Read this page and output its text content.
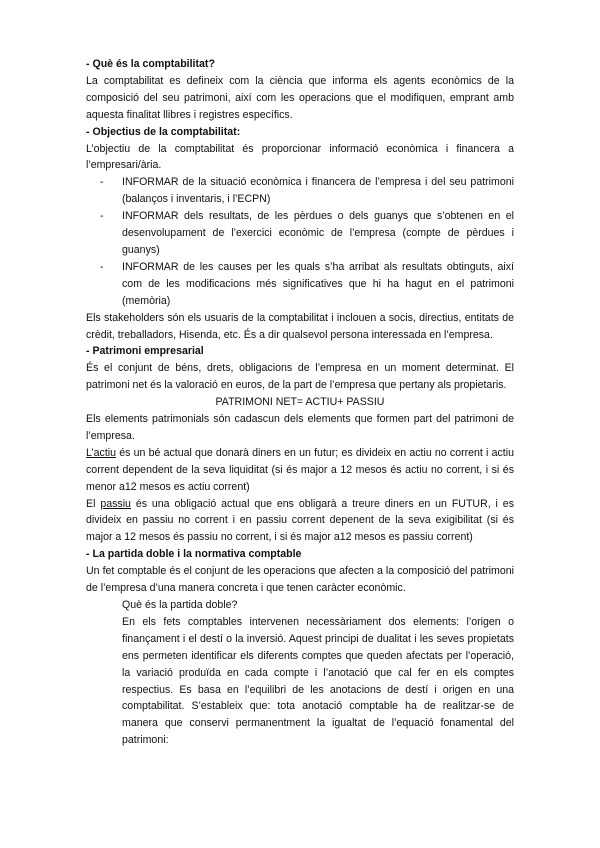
- Què és la comptabilitat?

La comptabilitat es defineix com la ciència que informa els agents econòmics de la composició del seu patrimoni, així com les operacions que el modifiquen, emprant amb aquesta finalitat llibres i registres específics.

- Objectius de la comptabilitat:

L’objectiu de la comptabilitat és proporcionar informació econòmica i financera a l’empresari/ària.

- INFORMAR de la situació econòmica i financera de l’empresa i del seu patrimoni (balanços i inventaris, i l’ECPN)
- INFORMAR dels resultats, de les pèrdues o dels guanys que s’obtenen en el desenvolupament de l’exercici econòmic de l’empresa (compte de pèrdues i guanys)
- INFORMAR de les causes per les quals s’ha arribat als resultats obtinguts, així com de les modificacions més significatives que hi ha hagut en el patrimoni (memòria)

Els stakeholders són els usuaris de la comptabilitat i inclouen a socis, directius, entitats de crèdit, treballadors, Hisenda, etc. És a dir qualsevol persona interessada en l’empresa.

- Patrimoni empresarial

És el conjunt de béns, drets, obligacions de l’empresa en un moment determinat. El patrimoni net és la valoració en euros, de la part de l’empresa que pertany als propietaris.

PATRIMONI NET= ACTIU+ PASSIU

Els elements patrimonials són cadascun dels elements que formen part del patrimoni de l’empresa.

L’actiu és un bé actual que donarà diners en un futur; es divideix en actiu no corrent i actiu corrent dependent de la seva liquiditat (si és major a 12 mesos és actiu no corrent, i si és menor a12 mesos es actiu corrent)

El passiu és una obligació actual que ens obligarà a treure diners en un FUTUR, i es divideix en passiu no corrent i en passiu corrent depenent de la seva exigibilitat (si és major a 12 mesos és passiu no corrent, i si és major a12 mesos es passiu corrent)

- La partida doble i la normativa comptable

Un fet comptable és el conjunt de les operacions que afecten a la composició del patrimoni de l’empresa d’una manera concreta i que tenen caràcter econòmic.

Què és la partida doble?

En els fets comptables intervenen necessàriament dos elements: l’origen o finançament i el destí o la inversió. Aquest principi de dualitat i les seves propietats ens permeten identificar els diferents comptes que queden afectats per l’operació, la variació produïda en cada compte i l’anotació que cal fer en els comptes respectius. Es basa en l’equilibri de les anotacions de destí i origen en una comptabilitat. S’estableix que: tota anotació comptable ha de realitzar-se de manera que conservi permanentment la igualtat de l’equació fonamental del patrimoni:
